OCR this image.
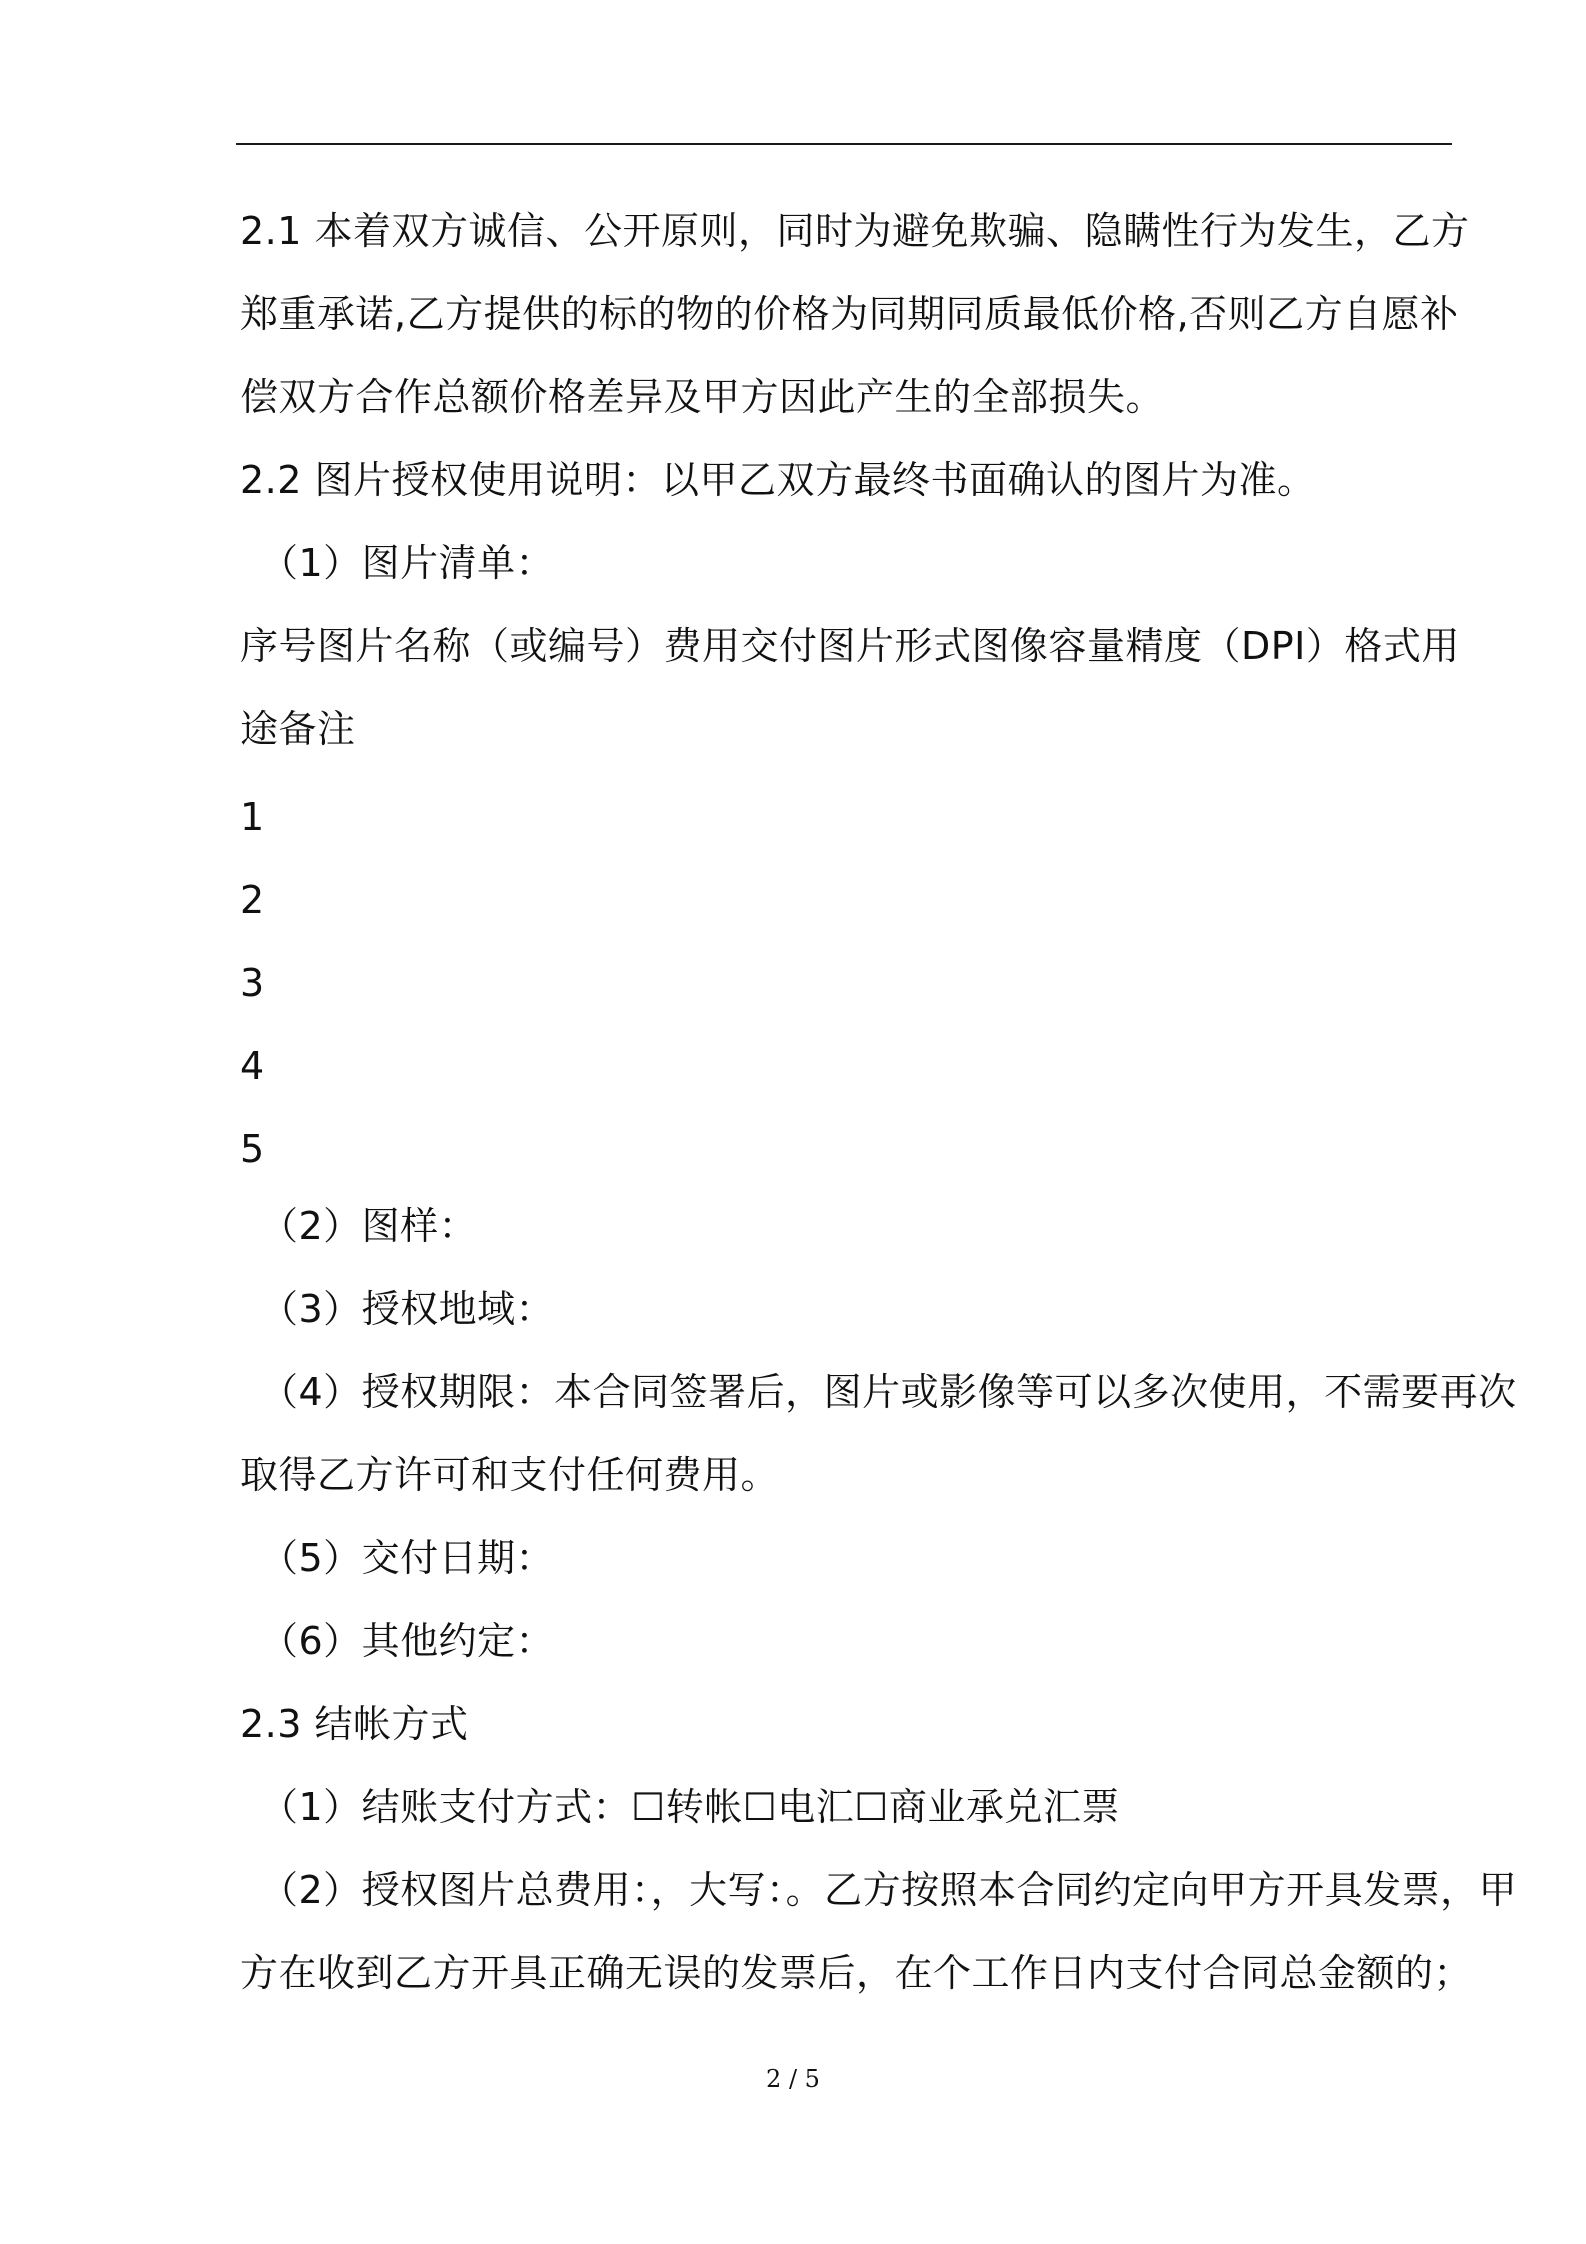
2.1 本着双方诚信、公开原则，同时为避免欺骗、隐瞒性行为发生，乙方
郑重承诺,乙方提供的标的物的价格为同期同质最低价格,否则乙方自愿补
偿双方合作总额价格差异及甲方因此产生的全部损失。
2.2 图片授权使用说明：以甲乙双方最终书面确认的图片为准。
（1）图片清单：
序号图片名称（或编号）费用交付图片形式图像容量精度（DPI）格式用
途备注
1
2
3
4
5
（2）图样：
（3）授权地域：
（4）授权期限：本合同签署后，图片或影像等可以多次使用，不需要再次
取得乙方许可和支付任何费用。
（5）交付日期：
（6）其他约定：
2.3 结帐方式
（1）结账支付方式：☐转帐☐电汇☐商业承兑汇票
（2）授权图片总费用：，大写：。乙方按照本合同约定向甲方开具发票，甲
方在收到乙方开具正确无误的发票后，在个工作日内支付合同总金额的；
2 / 5
